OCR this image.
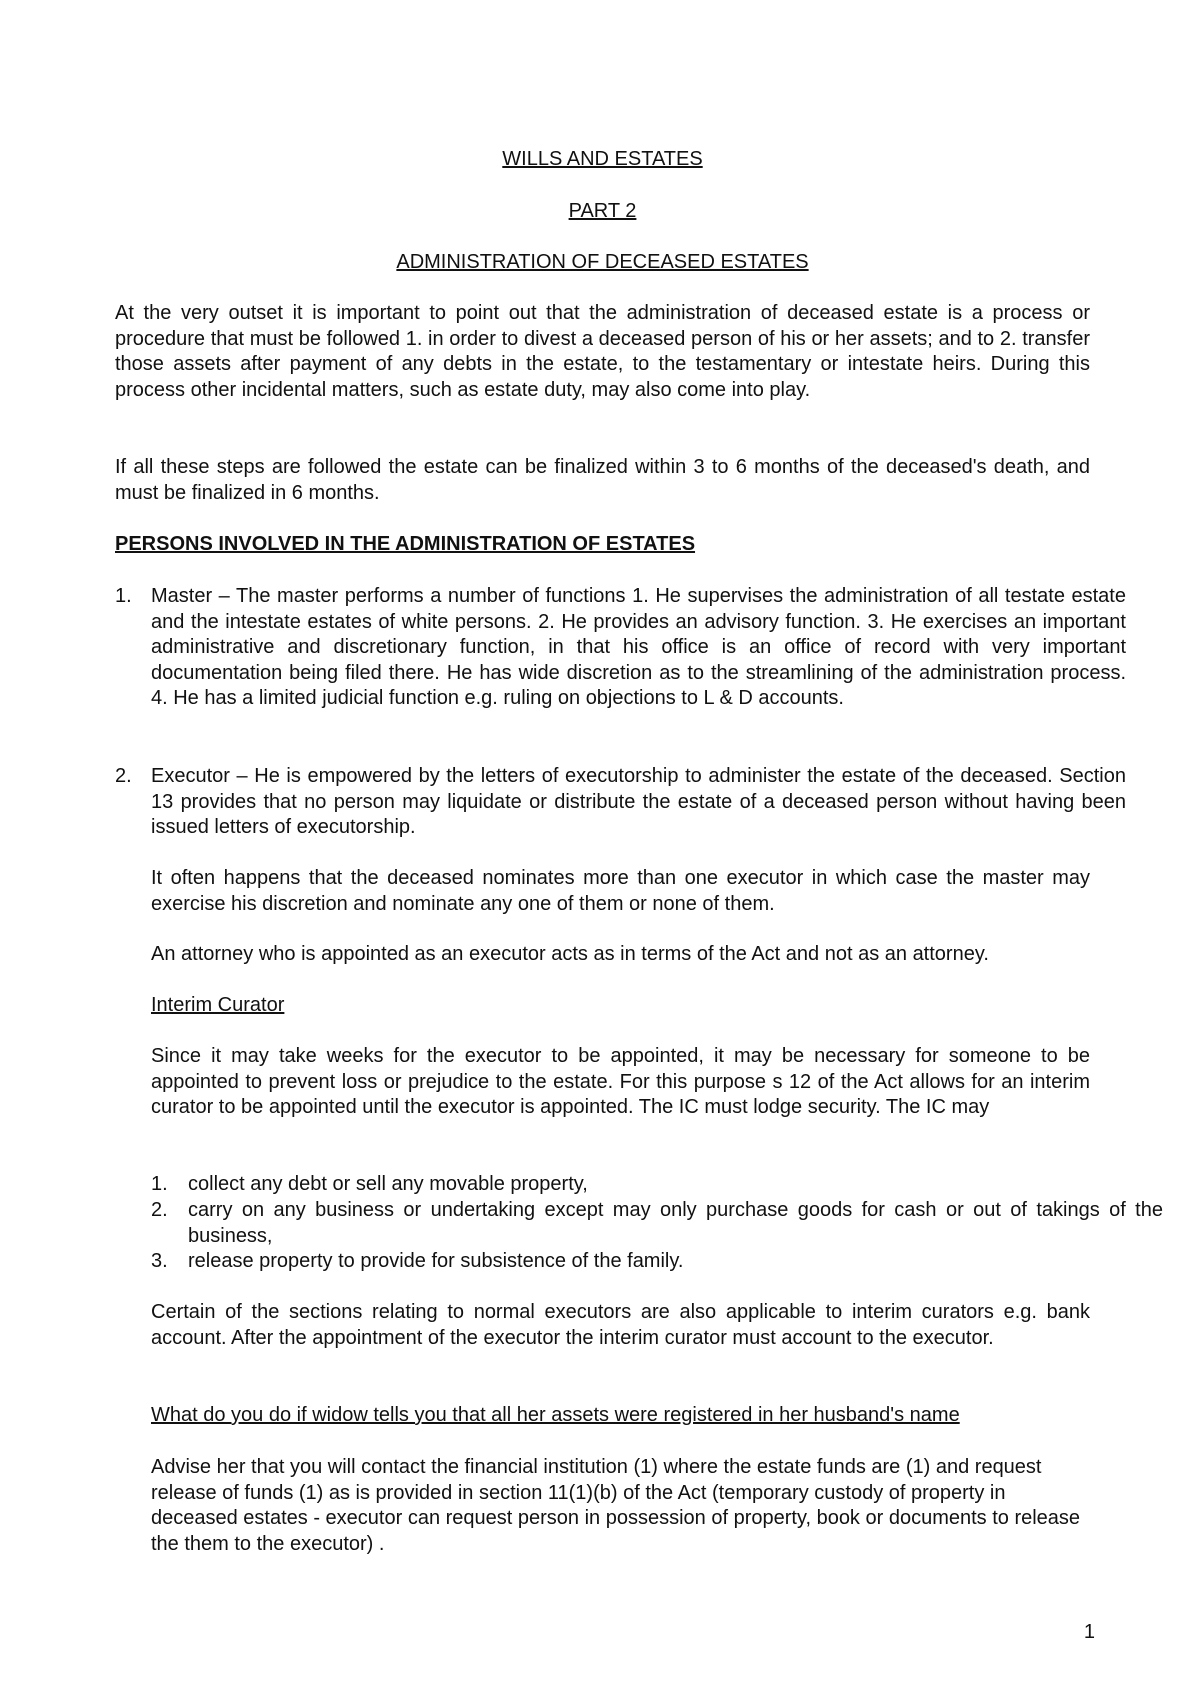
WILLS AND ESTATES
PART 2
ADMINISTRATION OF DECEASED ESTATES

At the very outset it is important to point out that the administration of deceased estate is a process or procedure that must be followed 1. in order to divest a deceased person of his or her assets; and to 2. transfer those assets after payment of any debts in the estate, to the testamentary or intestate heirs. During this process other incidental matters, such as estate duty, may also come into play.

If all these steps are followed the estate can be finalized within 3 to 6 months of the deceased's death, and must be finalized in 6 months.

PERSONS INVOLVED IN THE ADMINISTRATION OF ESTATES
1. Master – The master performs a number of functions 1. He supervises the administration of all testate estate and the intestate estates of white persons. 2. He provides an advisory function. 3. He exercises an important administrative and discretionary function, in that his office is an office of record with very important documentation being filed there. He has wide discretion as to the streamlining of the administration process. 4. He has a limited judicial function e.g. ruling on objections to L & D accounts.

2. Executor – He is empowered by the letters of executorship to administer the estate of the deceased. Section 13 provides that no person may liquidate or distribute the estate of a deceased person without having been issued letters of executorship.

It often happens that the deceased nominates more than one executor in which case the master may exercise his discretion and nominate any one of them or none of them.

An attorney who is appointed as an executor acts as in terms of the Act and not as an attorney.

Interim Curator

Since it may take weeks for the executor to be appointed, it may be necessary for someone to be appointed to prevent loss or prejudice to the estate. For this purpose s 12 of the Act allows for an interim curator to be appointed until the executor is appointed. The IC must lodge security. The IC may

1. collect any debt or sell any movable property,

2. carry on any business or undertaking except may only purchase goods for cash or out of takings of the business,

3. release property to provide for subsistence of the family.

Certain of the sections relating to normal executors are also applicable to interim curators e.g. bank account. After the appointment of the executor the interim curator must account to the executor.

What do you do if widow tells you that all her assets were registered in her husband's name

Advise her that you will contact the financial institution (1) where the estate funds are (1) and request release of funds (1) as is provided in section 11(1)(b) of the Act (temporary custody of property in deceased estates - executor can request person in possession of property, book or documents to release the them to the executor) .

1
